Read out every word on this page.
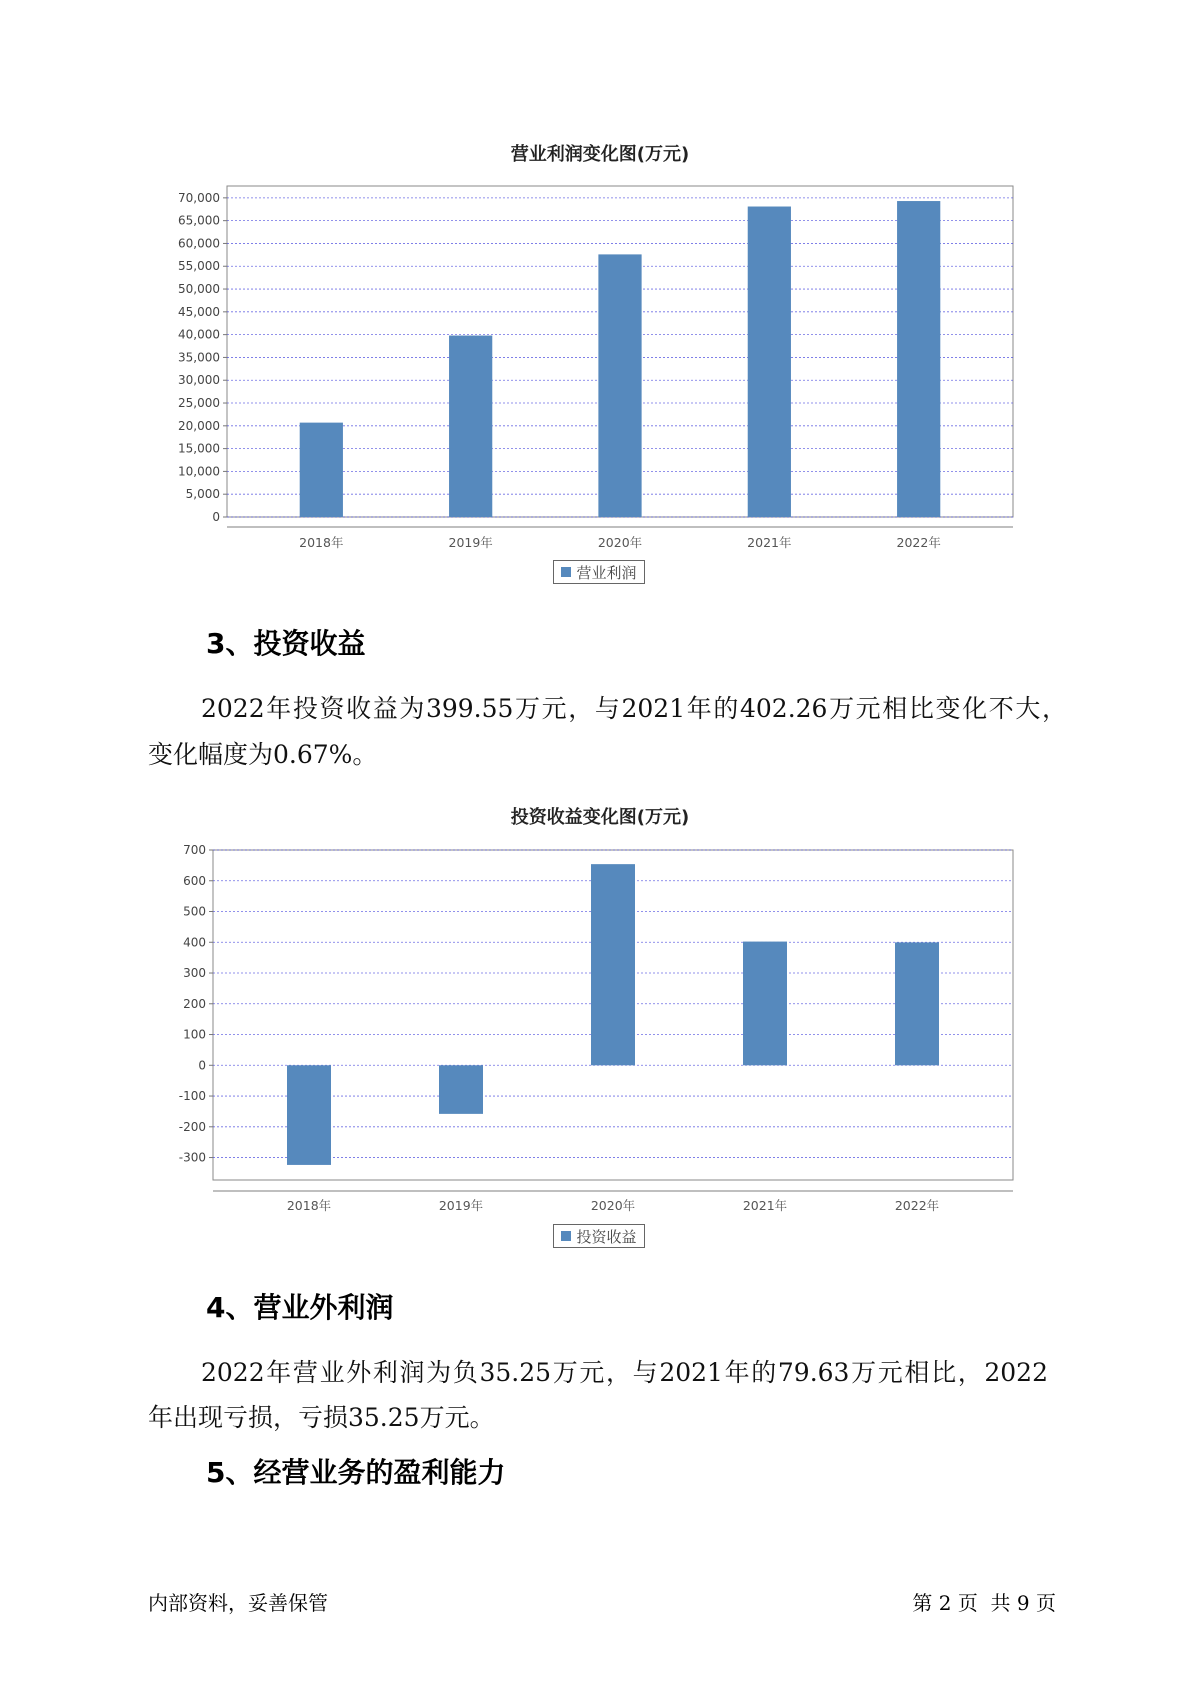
营业利润变化图(万元)
0
5,000
10,000
15,000
20,000
25,000
30,000
35,000
40,000
45,000
50,000
55,000
60,000
65,000
70,000
2018年	2019年	2020年	2021年	2022年
营业利润
3、投资收益
2022年投资收益为399.55万元，与2021年的402.26万元相比变化不大，
变化幅度为0.67%。
投资收益变化图(万元)
-300
-200
-100
0
100
200
300
400
500
600
700
2018年	2019年	2020年	2021年	2022年
投资收益
4、营业外利润
2022年营业外利润为负35.25万元，与2021年的79.63万元相比，2022
年出现亏损，亏损35.25万元。
5、经营业务的盈利能力
内部资料，妥善保管	第 2 页  共 9 页
